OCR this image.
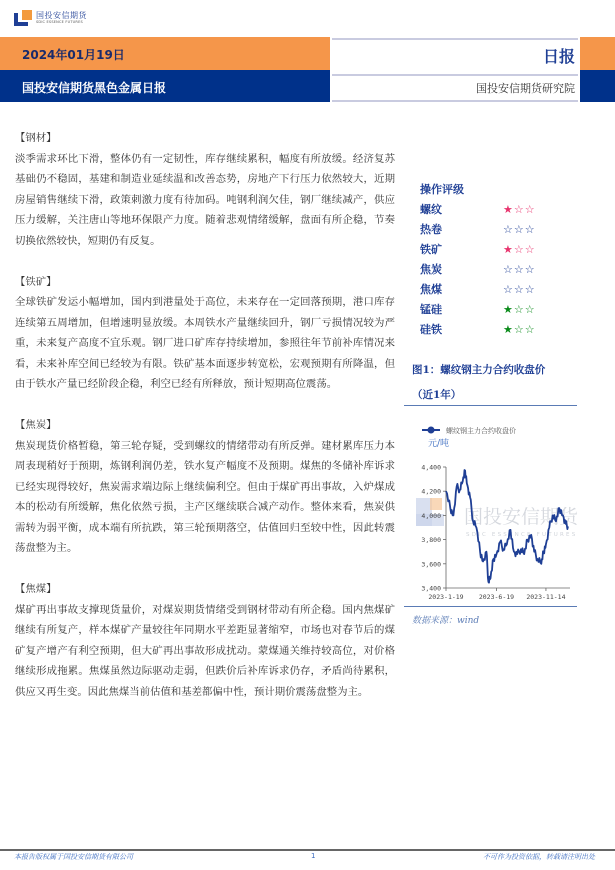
国投安信期货
SDIC ESSENCE FUTURES
2024年01月19日
国投安信期货黑色金属日报
日报
国投安信期货研究院
【钢材】
淡季需求环比下滑，整体仍有一定韧性，库存继续累积，幅度有所放缓。经济复苏基础仍不稳固，基建和制造业延续温和改善态势，房地产下行压力依然较大，近期房屋销售继续下滑，政策刺激力度有待加码。吨钢利润欠佳，钢厂继续减产，供应压力缓解，关注唐山等地环保限产力度。随着悲观情绪缓解，盘面有所企稳，节奏切换依然较快，短期仍有反复。
【铁矿】
全球铁矿发运小幅增加，国内到港量处于高位，未来存在一定回落预期，港口库存连续第五周增加，但增速明显放缓。本周铁水产量继续回升，钢厂亏损情况较为严重，未来复产高度不宜乐观。钢厂进口矿库存持续增加，参照往年节前补库情况来看，未来补库空间已经较为有限。铁矿基本面逐步转宽松，宏观预期有所降温，但由于铁水产量已经阶段企稳，利空已经有所释放，预计短期高位震荡。
【焦炭】
焦炭现货价格暂稳，第三轮存疑，受到螺纹的情绪带动有所反弹。建材累库压力本周表现稍好于预期，炼钢利润仍差，铁水复产幅度不及预期。煤焦的冬储补库诉求已经实现得较好，焦炭需求端边际上继续偏利空。但由于煤矿再出事故，入炉煤成本的松动有所缓解，焦化依然亏损，主产区继续联合减产动作。整体来看，焦炭供需转为弱平衡，成本端有所抗跌，第三轮预期落空，估值回归至较中性，因此转震荡盘整为主。
【焦煤】
煤矿再出事故支撑现货量价，对煤炭期货情绪受到钢材带动有所企稳。国内焦煤矿继续有所复产，样本煤矿产量较往年同期水平差距显著缩窄，市场也对春节后的煤矿复产增产有利空预期，但大矿再出事故形成扰动。蒙煤通关维持较高位，对价格继续形成拖累。焦煤虽然边际驱动走弱，但跌价后补库诉求仍存，矛盾尚待累积，供应又再生变。因此焦煤当前估值和基差都偏中性，预计期价震荡盘整为主。
操作评级
螺纹	★☆☆
热卷	☆☆☆
铁矿	★☆☆
焦炭	☆☆☆
焦煤	☆☆☆
锰硅	★☆☆
硅铁	★☆☆
图1：螺纹钢主力合约收盘价
（近1年）
国投安信期货
SDIC ESSENCE FUTURES
螺纹钢主力合约收盘价
元/吨
3,400
3,600
3,800
4,000
4,200
4,400
2023-1-19 2023-6-19 2023-11-14
数据来源：wind
本报告版权属于国投安信期货有限公司	1	不可作为投资依据，转载请注明出处
